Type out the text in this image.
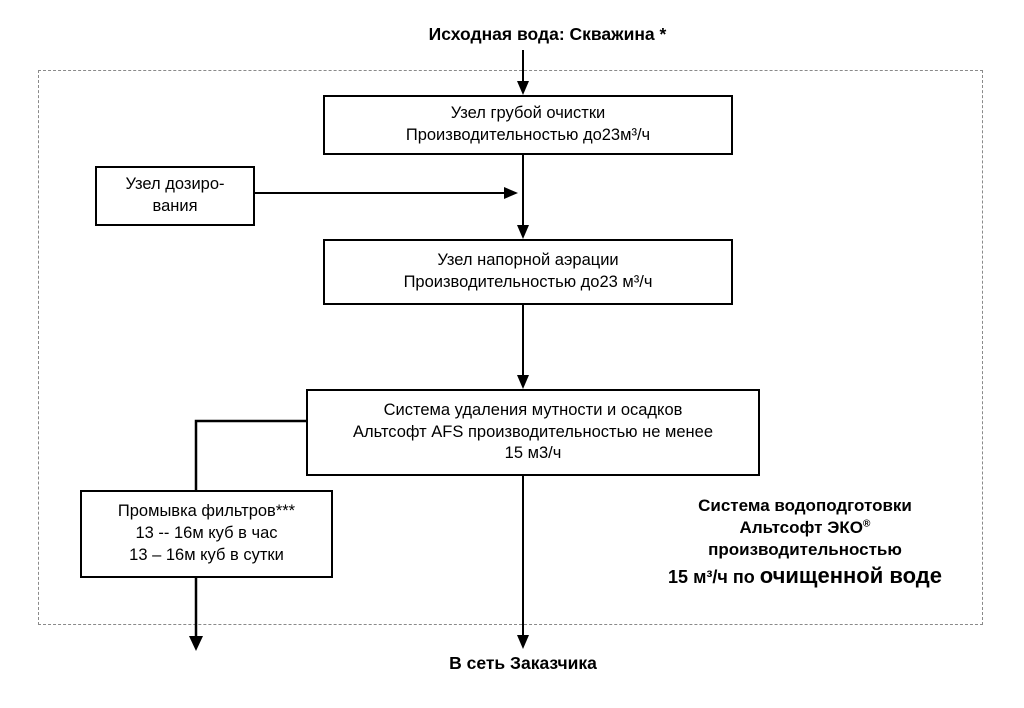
Исходная вода: Скважина *
Узел грубой очистки
Производительностью до23м³/ч
Узел дозиро-
вания
Узел напорной аэрации
Производительностью до23 м³/ч
Система удаления мутности и осадков
Альтсофт AFS производительностью не менее
15 м3/ч
Промывка фильтров***
13 -- 16м куб в час
13 – 16м куб в сутки
Система водоподготовки
Альтсофт ЭКО®
производительностью
15 м³/ч по очищенной воде
В сеть Заказчика
